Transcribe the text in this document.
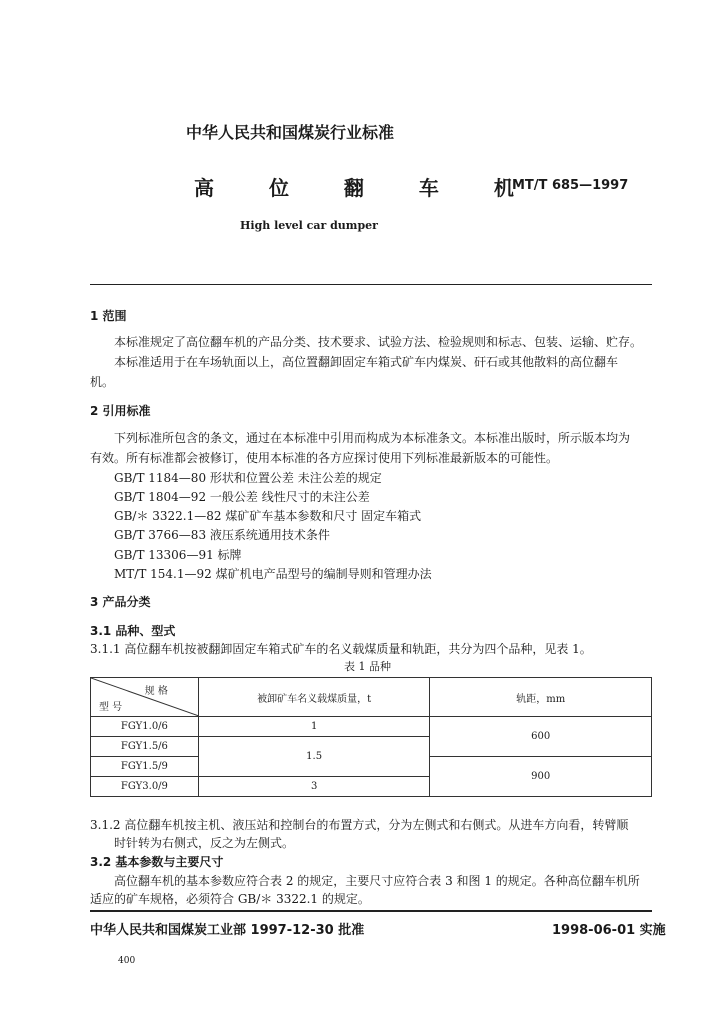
中华人民共和国煤炭行业标准
高 位 翻 车 机
MT/T 685—1997
High level car dumper
1 范围
本标准规定了高位翻车机的产品分类、技术要求、试验方法、检验规则和标志、包装、运输、贮存。
本标准适用于在车场轨面以上，高位置翻卸固定车箱式矿车内煤炭、矸石或其他散料的高位翻车
机。
2 引用标准
下列标准所包含的条文，通过在本标准中引用而构成为本标准条文。本标准出版时，所示版本均为
有效。所有标准都会被修订，使用本标准的各方应探讨使用下列标准最新版本的可能性。
GB/T 1184—80 形状和位置公差 未注公差的规定
GB/T 1804—92 一般公差 线性尺寸的未注公差
GB/＊ 3322.1—82 煤矿矿车基本参数和尺寸 固定车箱式
GB/T 3766—83 液压系统通用技术条件
GB/T 13306—91 标牌
MT/T 154.1—92 煤矿机电产品型号的编制导则和管理办法
3 产品分类
3.1 品种、型式
3.1.1 高位翻车机按被翻卸固定车箱式矿车的名义载煤质量和轨距，共分为四个品种，见表 1。
表 1 品种
规 格
型 号	被卸矿车名义载煤质量，t	轨距，mm
FGY1.0/6	1	600
FGY1.5/6	1.5	
FGY1.5/9		900
FGY3.0/9	3	
3.1.2 高位翻车机按主机、液压站和控制台的布置方式，分为左侧式和右侧式。从进车方向看，转臂顺
时针转为右侧式，反之为左侧式。
3.2 基本参数与主要尺寸
高位翻车机的基本参数应符合表 2 的规定，主要尺寸应符合表 3 和图 1 的规定。各种高位翻车机所
适应的矿车规格，必须符合 GB/＊ 3322.1 的规定。
中华人民共和国煤炭工业部 1997-12-30 批准	1998-06-01 实施
400
